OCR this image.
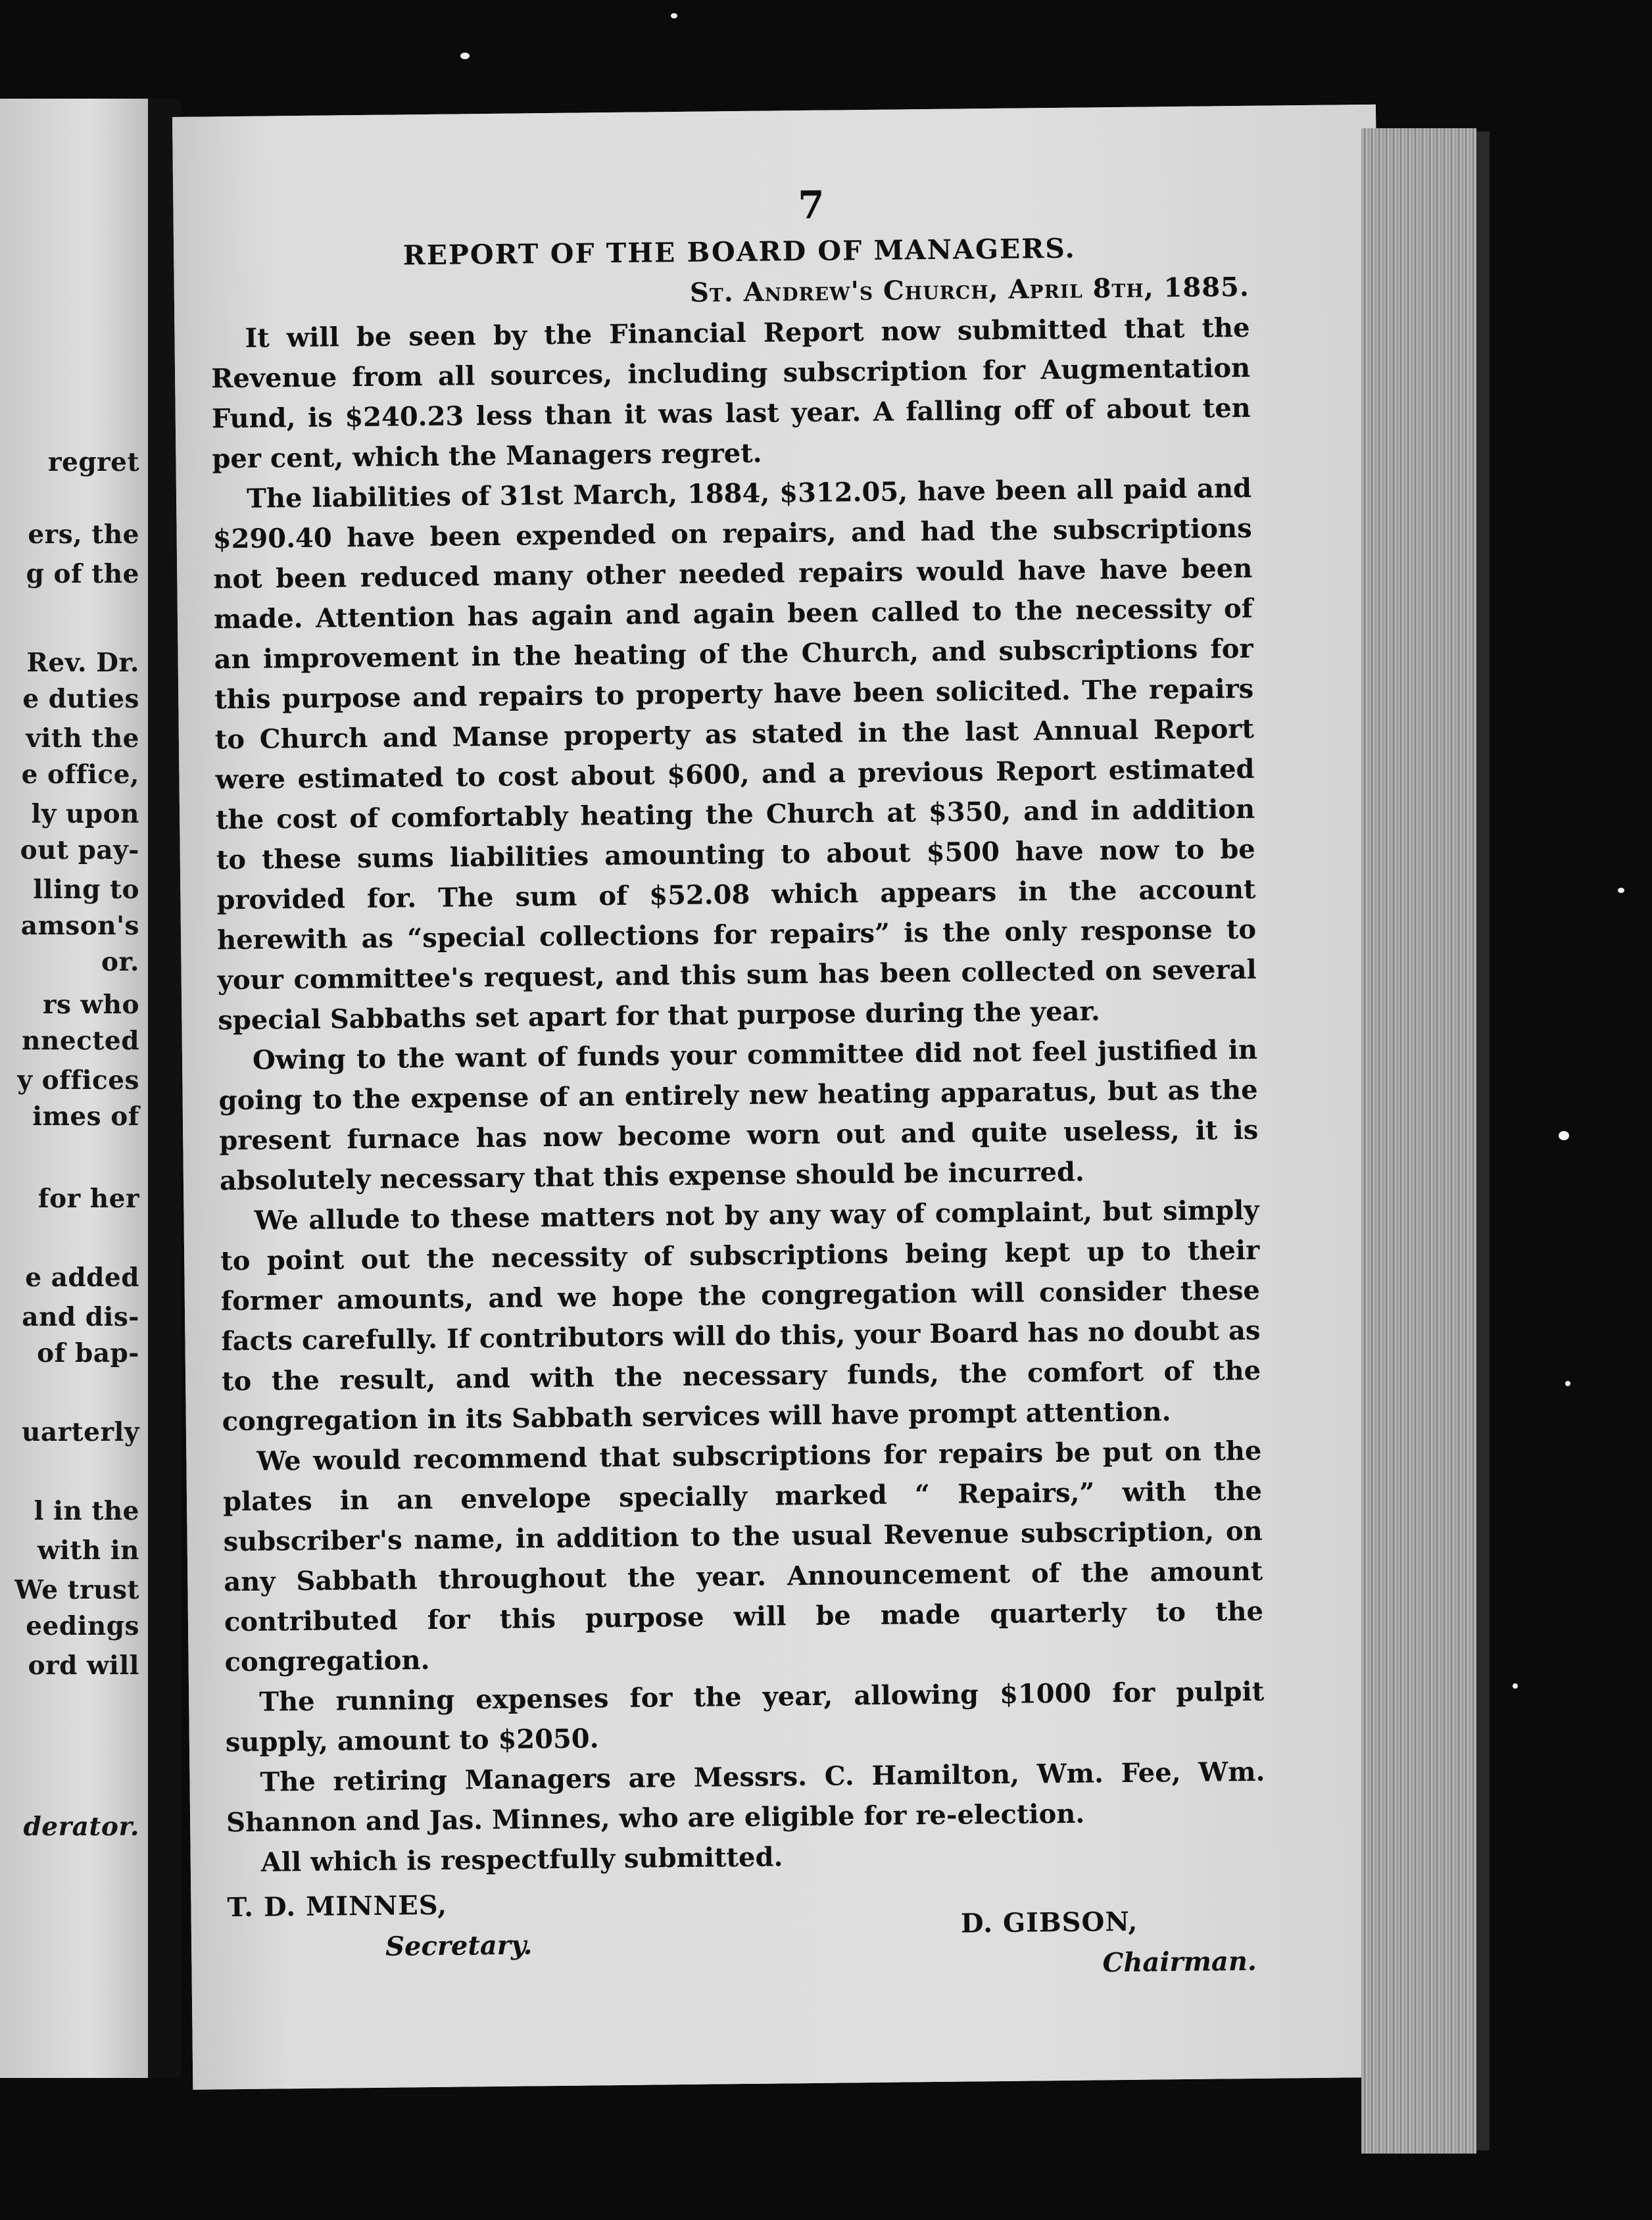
regret
ers, the
g of the
Rev. Dr.
e duties
vith the
e office,
ly upon
out pay-
lling to
amson's
or.
rs who
nnected
y offices
imes of
for her
e added
and dis-
of bap-
uarterly
l in the
with in
We trust
eedings
ord will
derator.
7
REPORT OF THE BOARD OF MANAGERS.
St. Andrew's Church, April 8th, 1885.

It will be seen by the Financial Report now submitted that the Revenue from all sources, including subscription for Augmentation Fund, is $240.23 less than it was last year. A falling off of about ten per cent, which the Managers regret.

The liabilities of 31st March, 1884, $312.05, have been all paid and $290.40 have been expended on repairs, and had the subscriptions not been reduced many other needed repairs would have have been made. Attention has again and again been called to the necessity of an improvement in the heating of the Church, and subscriptions for this purpose and repairs to property have been solicited. The repairs to Church and Manse property as stated in the last Annual Report were estimated to cost about $600, and a previous Report estimated the cost of comfortably heating the Church at $350, and in addition to these sums liabilities amounting to about $500 have now to be provided for. The sum of $52.08 which appears in the account herewith as “special collections for repairs” is the only response to your committee's request, and this sum has been collected on several special Sabbaths set apart for that purpose during the year.

Owing to the want of funds your committee did not feel justified in going to the expense of an entirely new heating apparatus, but as the present furnace has now become worn out and quite useless, it is absolutely necessary that this expense should be incurred.

We allude to these matters not by any way of complaint, but simply to point out the necessity of subscriptions being kept up to their former amounts, and we hope the congregation will consider these facts carefully. If contributors will do this, your Board has no doubt as to the result, and with the necessary funds, the comfort of the congregation in its Sabbath services will have prompt attention.

We would recommend that subscriptions for repairs be put on the plates in an envelope specially marked “ Repairs,” with the subscriber's name, in addition to the usual Revenue subscription, on any Sabbath throughout the year. Announcement of the amount contributed for this purpose will be made quarterly to the congregation.

The running expenses for the year, allowing $1000 for pulpit supply, amount to $2050.

The retiring Managers are Messrs. C. Hamilton, Wm. Fee, Wm. Shannon and Jas. Minnes, who are eligible for re-election.

All which is respectfully submitted.

T. D. MINNES,
Secretary.
D. GIBSON,
Chairman.
